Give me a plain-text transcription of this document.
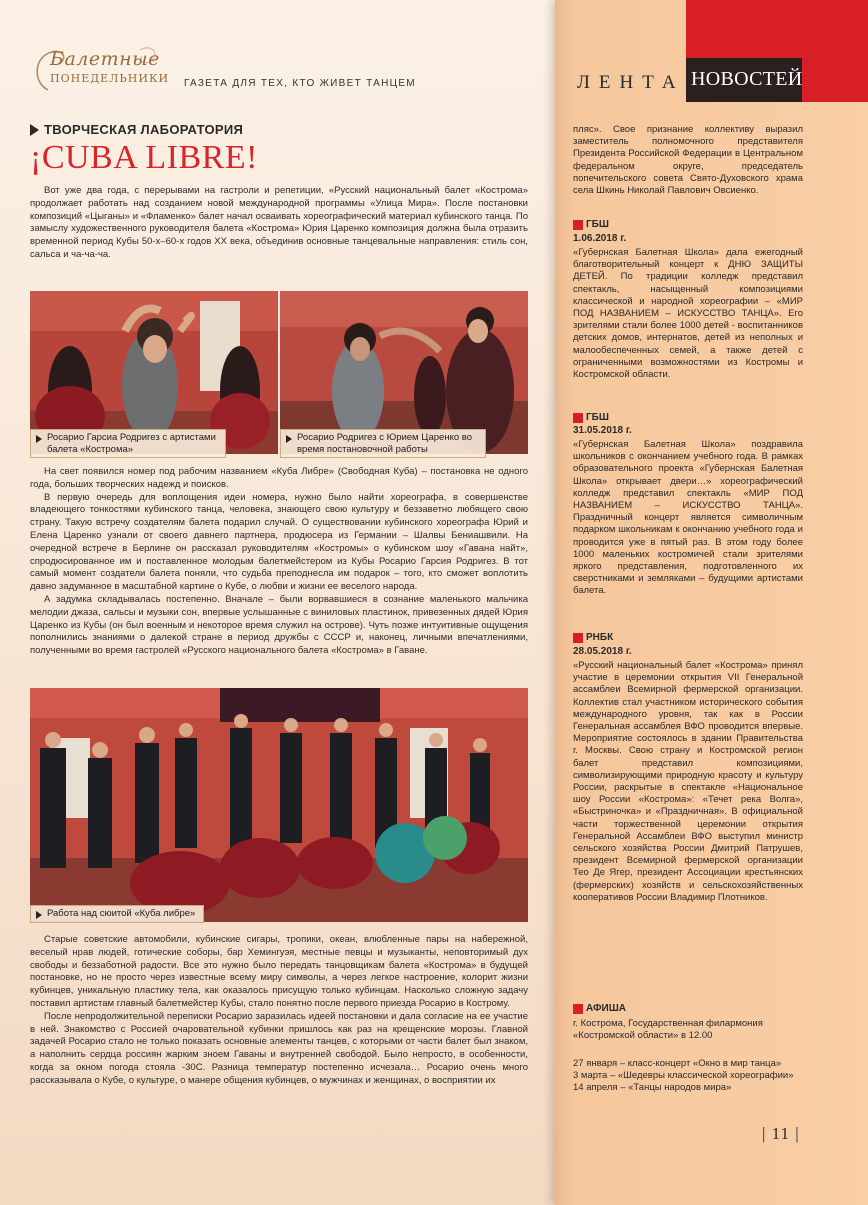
Балетные
ПОНЕДЕЛЬНИКИ ГАЗЕТА ДЛЯ ТЕХ, КТО ЖИВЕТ ТАНЦЕМ
ТВОРЧЕСКАЯ ЛАБОРАТОРИЯ
¡CUBA LIBRE!

Вот уже два года, с перерывами на гастроли и репетиции, «Русский национальный балет «Кострома» продолжает работать над созданием новой международной программы «Улица Мира». После постановки композиций «Цыганы» и «Фламенко» балет начал осваивать хореографический материал кубинского танца. По замыслу художественного руководителя балета «Кострома» Юрия Царенко композиция должна была отразить временной период Кубы 50-х–60-х годов XX века, объединив основные танцевальные направления: стиль сон, сальса и ча-ча-ча.

Росарио Гарсиа Родригез с артистами балета «Кострома»
Росарио Родригез с Юрием Царенко во время постановочной работы

На свет появился номер под рабочим названием «Куба Либре» (Свободная Куба) – постановка не одного года, больших творческих надежд и поисков.

В первую очередь для воплощения идеи номера, нужно было найти хореографа, в совершенстве владеющего тонкостями кубинского танца, человека, знающего свою культуру и беззаветно любящего свою страну. Такую встречу создателям балета подарил случай. О существовании кубинского хореографа Юрий и Елена Царенко узнали от своего давнего партнера, продюсера из Германии – Шалвы Бениашвили. На очередной встрече в Берлине он рассказал руководителям «Костромы» о кубинском шоу «Гавана найт», спродюсированное им и поставленное молодым балетмейстером из Кубы Росарио Гарсия Родригез. В тот самый момент создатели балета поняли, что судьба преподнесла им подарок – того, кто сможет воплотить давно задуманное в масштабной картине о Кубе, о любви и жизни ее веселого народа.

А задумка складывалась постепенно. Вначале – были ворвавшиеся в сознание маленького мальчика мелодии джаза, сальсы и музыки сон, впервые услышанные с виниловых пластинок, привезенных дядей Юрия Царенко из Кубы (он был военным и некоторое время служил на острове). Чуть позже интуитивные ощущения пополнились знаниями о далекой стране в период дружбы с СССР и, наконец, личными впечатлениями, полученными во время гастролей «Русского национального балета «Кострома» в Гаване.

Работа над сюитой «Куба либре»

Старые советские автомобили, кубинские сигары, тропики, океан, влюбленные пары на набережной, веселый нрав людей, готические соборы, бар Хемингуэя, местные певцы и музыканты, неповторимый дух свободы и беззаботной радости. Все это нужно было передать танцовщикам балета «Кострома» в будущей постановке, но не просто через известные всему миру символы, а через легкое настроение, колорит жизни кубинцев, уникальную пластику тела, как оказалось присущую только кубинцам. Насколько сложную задачу поставил артистам главный балетмейстер Кубы, стало понятно после первого приезда Росарио в Кострому.

После непродолжительной переписки Росарио заразилась идеей постановки и дала согласие на ее участие в ней. Знакомство с Россией очаровательной кубинки пришлось как раз на крещенские морозы. Главной задачей Росарио стало не только показать основные элементы танцев, с которыми от части балет был знаком, а наполнить сердца россиян жарким зноем Гаваны и внутренней свободой. Было непросто, в особенности, когда за окном погода стояла -30С. Разница температур постепенно исчезала… Росарио очень много рассказывала о Кубе, о культуре, о манере общения кубинцев, о мужчинах и женщинах, о восприятии их

ЛЕНТА НОВОСТЕЙ

пляс». Свое признание коллективу выразил заместитель полномочного представителя Президента Российской Федерации в Центральном федеральном округе, председатель попечительского совета Свято-Духовского храма села Шкинь Николай Павлович Овсиенко.

ГБШ
1.06.2018 г.

«Губернская Балетная Школа» дала ежегодный благотворительный концерт к ДНЮ ЗАЩИТЫ ДЕТЕЙ. По традиции колледж представил спектакль, насыщенный композициями классической и народной хореографии – «МИР ПОД НАЗВАНИЕМ – ИСКУССТВО ТАНЦА». Его зрителями стали более 1000 детей - воспитанников детских домов, интернатов, детей из неполных и малообеспеченных семей, а также детей с ограниченными возможностями из Костромы и Костромской области.

ГБШ
31.05.2018 г.

«Губернская Балетная Школа» поздравила школьников с окончанием учебного года. В рамках образовательного проекта «Губернская Балетная Школа» открывает двери…» хореографический колледж представил спектакль «МИР ПОД НАЗВАНИЕМ – ИСКУССТВО ТАНЦА». Праздничный концерт является символичным подарком школьникам к окончанию учебного года и проводится уже в пятый раз. В этом году более 1000 маленьких костромичей стали зрителями яркого представления, подготовленного их сверстниками и земляками – будущими артистами балета.

РНБК
28.05.2018 г.

«Русский национальный балет «Кострома» принял участие в церемонии открытия VII Генеральной ассамблеи Всемирной фермерской организации. Коллектив стал участником исторического события международного уровня, так как в России Генеральная ассамблея ВФО проводится впервые. Мероприятие состоялось в здании Правительства г. Москвы. Свою страну и Костромской регион балет представил композициями, символизирующими природную красоту и культуру России, раскрытые в спектакле «Национальное шоу России «Кострома»: «Течет река Волга», «Быстриночка» и «Праздничная». В официальной части торжественной церемонии открытия Генеральной Ассамблеи ВФО выступил министр сельского хозяйства России Дмитрий Патрушев, президент Всемирной фермерской организации Тео Де Ягер, президент Ассоциации крестьянских (фермерских) хозяйств и сельскохозяйственных кооперативов России Владимир Плотников.

АФИША
г. Кострома, Государственная филармония
«Костромской области» в 12.00
27 января – класс-концерт «Окно в мир танца»
3 марта – «Шедевры классической хореографии»
14 апреля – «Танцы народов мира»
| 11 |
